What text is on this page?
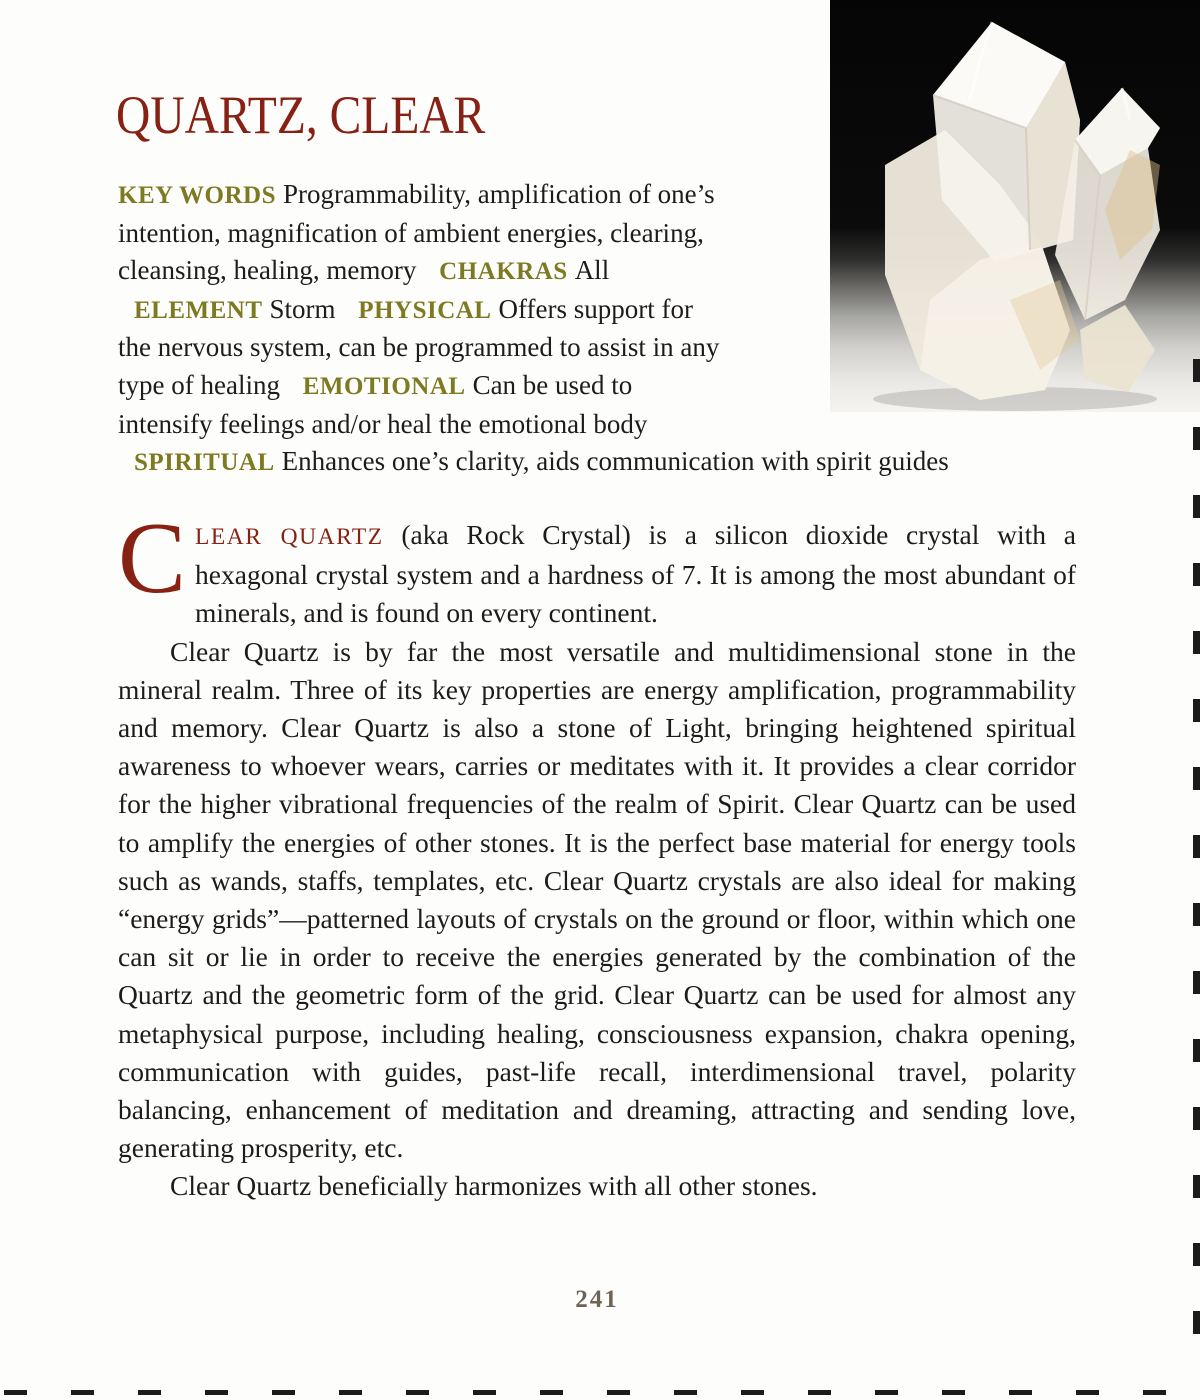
QUARTZ, CLEAR
KEY WORDS Programmability, amplification of one’s intention, magnification of ambient energies, clearing, cleansing, healing, memory CHAKRAS All ELEMENT Storm PHYSICAL Offers support for the nervous system, can be programmed to assist in any type of healing EMOTIONAL Can be used to intensify feelings and/or heal the emotional body SPIRITUAL Enhances one’s clarity, aids communication with spirit guides

CLEAR QUARTZ (aka Rock Crystal) is a silicon dioxide crystal with a hexagonal crystal system and a hardness of 7. It is among the most abundant of minerals, and is found on every continent.

Clear Quartz is by far the most versatile and multidimensional stone in the mineral realm. Three of its key properties are energy amplification, programmability and memory. Clear Quartz is also a stone of Light, bringing heightened spiritual awareness to whoever wears, carries or meditates with it. It provides a clear corridor for the higher vibrational frequencies of the realm of Spirit. Clear Quartz can be used to amplify the energies of other stones. It is the perfect base material for energy tools such as wands, staffs, templates, etc. Clear Quartz crystals are also ideal for making “energy grids”—patterned layouts of crystals on the ground or floor, within which one can sit or lie in order to receive the energies generated by the combination of the Quartz and the geometric form of the grid. Clear Quartz can be used for almost any metaphysical purpose, including healing, consciousness expansion, chakra opening, communication with guides, past-life recall, interdimensional travel, polarity balancing, enhancement of meditation and dreaming, attracting and sending love, generating prosperity, etc.

Clear Quartz beneficially harmonizes with all other stones.

241
